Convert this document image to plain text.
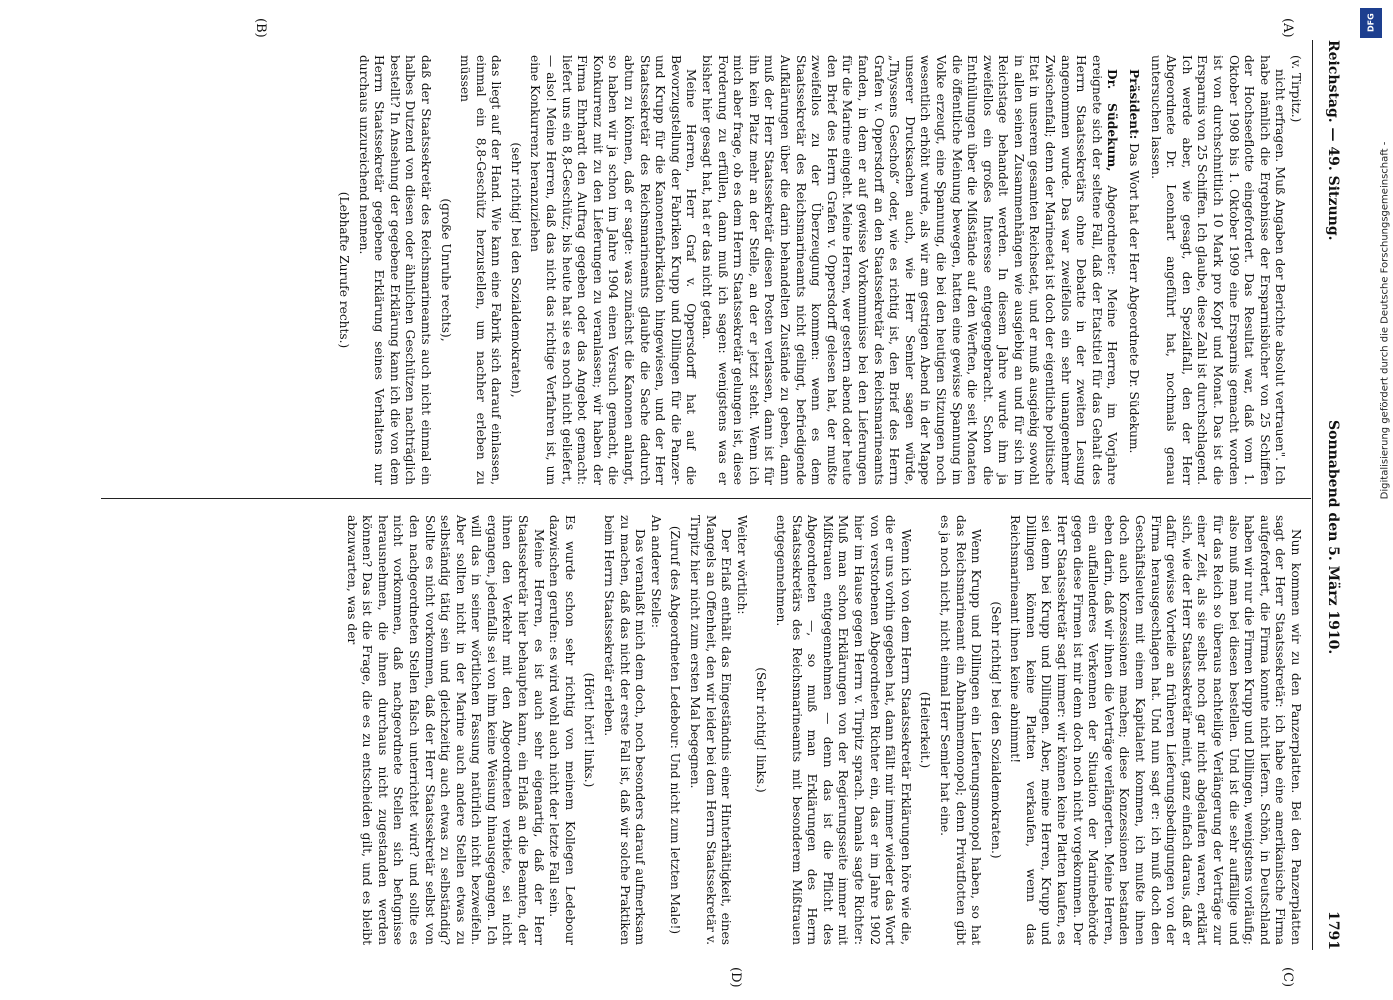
Reichstag. — 49. Sitzung.
Sonnabend den 5. März 1910.
1791
(A)
(B)
(C)
(D)

(v. Tirpitz.)

nicht erfragen. Muß Angaben der Berichte absolut vertrauen". Ich habe nämlich die Ergebnisse der Ersparnisbücher von 25 Schiffen der Hochseeflotte eingefordert. Das Resultat war, daß vom 1. Oktober 1908 bis 1. Oktober 1909 eine Ersparnis gemacht worden ist von durchschnittlich 10 Mark pro Kopf und Monat. Das ist die Ersparnis von 25 Schiffen. Ich glaube, diese Zahl ist durchschlagend. Ich werde aber, wie gesagt, den Spezialfall, den der Herr Abgeordnete Dr. Leonhart angeführt hat, nochmals genau untersuchen lassen.

Präsident: Das Wort hat der Herr Abgeordnete Dr. Südekum.

Dr. Südekum, Abgeordneter: Meine Herren, im Vorjahre ereignete sich der seltene Fall, daß der Etatstitel für das Gehalt des Herrn Staatssekretärs ohne Debatte in der zweiten Lesung angenommen wurde. Das war zweifellos ein sehr unangenehmer Zwischenfall; denn der Marineetat ist doch der eigentliche politische Etat in unserem gesamten Reichsetat, und er muß ausgiebig sowohl in allen seinen Zusammenhängen wie ausgiebig an und für sich im Reichstage behandelt werden. In diesem Jahre wurde ihm ja zweifellos ein großes Interesse entgegengebracht. Schon die Enthüllungen über die Mißstände auf den Werften, die seit Monaten die öffentliche Meinung bewegen, hatten eine gewisse Spannung im Volke erzeugt, eine Spannung, die bei den heutigen Sitzungen noch wesentlich erhöht wurde, als wir am gestrigen Abend in der Mappe unserer Drucksachen auch, wie Herr Semler sagen würde, „Thyssens Geschoß“ oder, wie es richtig ist, den Brief des Herrn Grafen v. Oppersdorff an den Staatssekretär des Reichsmarineamts fanden, in dem er auf gewisse Vorkommnisse bei den Lieferungen für die Marine eingeht. Meine Herren, wer gestern abend oder heute den Brief des Herrn Grafen v. Oppersdorff gelesen hat, der mußte zweifellos zu der Überzeugung kommen: wenn es dem Staatssekretär des Reichsmarineamts nicht gelingt, befriedigende Aufklärungen über die darin behandelten Zustände zu geben, dann muß der Herr Staatssekretär diesen Posten verlassen, dann ist für ihn kein Platz mehr an der Stelle, an der er jetzt steht. Wenn ich mich aber frage, ob es dem Herrn Staatssekretär gelungen ist, diese Forderung zu erfüllen, dann muß ich sagen: wenigstens was er bisher hier gesagt hat, hat er das nicht getan.

Meine Herren, Herr Graf v. Oppersdorff hat auf die Bevorzugstellung der Fabriken Krupp und Dillingen für die Panzer- und Krupp für die Kanonenfabrikation hingewiesen, und der Herr Staatssekretär des Reichsmarineamts glaubte die Sache dadurch abtun zu können, daß er sagte: was zunächst die Kanonen anlangt, so haben wir ja schon im Jahre 1904 einen Versuch gemacht, die Konkurrenz mit zu den Lieferungen zu veranlassen; wir haben der Firma Ehrhardt den Auftrag gegeben oder das Angebot gemacht: liefert uns ein 8,8-Geschütz; bis heute hat sie es noch nicht geliefert, — also! Meine Herren, daß das nicht das richtige Verfahren ist, um eine Konkurrenz heranzuziehen

(sehr richtig! bei den Sozialdemokraten),

das liegt auf der Hand. Wie kann eine Fabrik sich darauf einlassen, einmal ein 8,8-Geschütz herzustellen, um nachher erleben zu müssen

(große Unruhe rechts),

daß der Staatssekretär des Reichsmarineamts auch nicht einmal ein halbes Dutzend von diesen oder ähnlichen Geschützen nachträglich bestellt? In Ansehung der gegebene Erklärung kann ich die von dem Herrn Staatssekretär gegebene Erklärung seines Verhaltens nur durchaus unzureichend nennen.

(Lebhafte Zurufe rechts.)

Nun kommen wir zu den Panzerplatten. Bei den Panzerplatten sagt der Herr Staatssekretär: ich habe eine amerikanische Firma aufgefordert, die Firma konnte nicht liefern. Schön, in Deutschland haben wir nur die Firmen Krupp und Dillingen, wenigstens vorläufig; also muß man bei diesen bestellen. Und ist die sehr auffällige und für das Reich so überaus nachteilige Verlängerung der Verträge zur einer Zeit, als sie selbst noch gar nicht abgelaufen waren, erklärt sich, wie der Herr Staatssekretär meint, ganz einfach daraus, daß er dafür gewisse Vorteile an früheren Lieferungsbedingungen von der Firma herausgeschlagen hat. Und nun sagt er: ich muß doch den Geschäftsleuten mit einem Kapitalent kommen, ich mußte ihnen doch auch Konzessionen machen; diese Konzessionen bestanden eben darin, daß wir ihnen die Verträge verlängerten. Meine Herren, ein auffallenderes Verkennen der Situation der Marinebehörde gegen diese Firmen ist mir denn doch noch nicht vorgekommen. Der Herr Staatssekretär sagt immer: wir können keine Platten kaufen, es sei denn bei Krupp und Dillingen. Aber, meine Herren, Krupp und Dillingen können keine Platten verkaufen, wenn das Reichsmarineamt ihnen keine abnimmt!

(Sehr richtig! bei den Sozialdemokraten.)

Wenn Krupp und Dillingen ein Lieferungsmonopol haben, so hat das Reichsmarineamt ein Abnahmemonopol; denn Privatflotten gibt es ja noch nicht, nicht einmal Herr Semler hat eine.

(Heiterkeit.)

Wenn ich von dem Herrn Staatssekretär Erklärungen höre wie die, die er uns vorhin gegeben hat, dann fällt mir immer wieder das Wort von verstorbenen Abgeordneten Richter ein, das er im Jahre 1902 hier im Hause gegen Herrn v. Tirpitz sprach. Damals sagte Richter: Muß man schon Erklärungen von der Regierungsseite immer mit Mißtrauen entgegennehmen — denn das ist die Pflicht des Abgeordneten —, so muß man Erklärungen des Herrn Staatssekretärs des Reichsmarineamts mit besonderem Mißtrauen entgegennehmen.

(Sehr richtig! links.)

Weiter wörtlich:

Der Erlaß enthält das Eingeständnis einer Hinterhältigkeit, eines Mangels an Offenheit, den wir leider bei dem Herrn Staatssekretär v. Tirpitz hier nicht zum ersten Mal begegnen.

(Zuruf des Abgeordneten Ledebour: Und nicht zum letzten Male!)

An anderer Stelle:

Das veranlaßt mich dem doch, noch besonders darauf aufmerksam zu machen, daß das nicht der erste Fall ist, daß wir solche Praktiken beim Herrn Staatssekretär erleben.

(Hört! hört! links.)

Es wurde schon sehr richtig von meinem Kollegen Ledebour dazwischen gerufen: es wird wohl auch nicht der letzte Fall sein.

Meine Herren, es ist auch sehr eigenartig, daß der Herr Staatssekretär hier behaupten kann, ein Erlaß an die Beamten, der ihnen den Verkehr mit den Abgeordneten verbiete, sei nicht ergangen, jedenfalls sei von ihm keine Weisung hinausgegangen. Ich will das in seiner wörtlichen Fassung natürlich nicht bezweifeln. Aber sollten nicht in der Marine auch andere Stellen etwas zu selbständig tätig sein und gleichzeitig auch etwas zu selbständig? Sollte es nicht vorkommen, daß der Herr Staatssekretär selbst von den nachgeordneten Stellen falsch unterrichtet wird? und sollte es nicht vorkommen, daß nachgeordnete Stellen sich befugnisse herausnehmen, die ihnen durchaus nicht zugestanden werden können? Das ist die Frage, die es zu entscheiden gilt, und es bleibt abzuwarten, was der

DFG
Digitalisierung gefördert durch die Deutsche Forschungsgemeinschaft -
